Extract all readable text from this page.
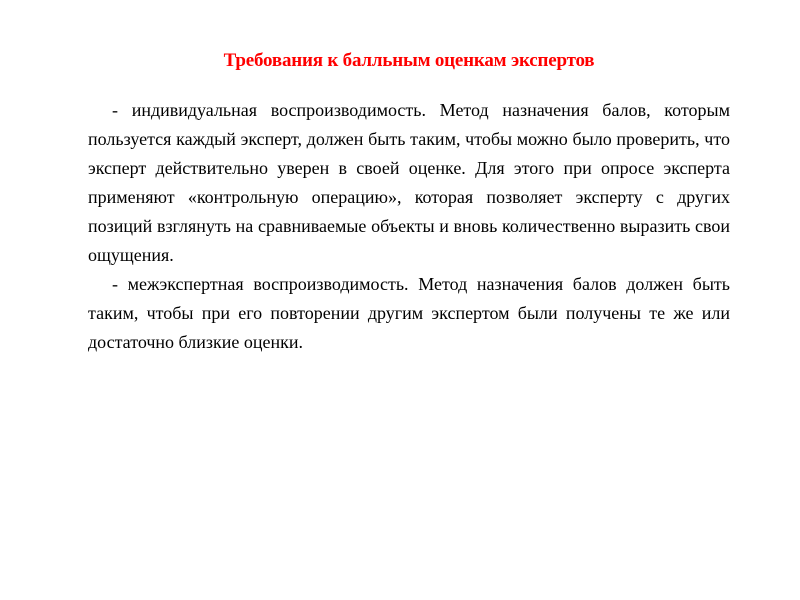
Требования к балльным оценкам экспертов

- индивидуальная воспроизводимость. Метод назначения балов, которым пользуется каждый эксперт, должен быть таким, чтобы можно было проверить, что эксперт действительно уверен в своей оценке. Для этого при опросе эксперта применяют «контрольную операцию», которая позволяет эксперту с других позиций взглянуть на сравниваемые объекты и вновь количественно выразить свои ощущения.

- межэкспертная воспроизводимость. Метод назначения балов должен быть таким, чтобы при его повторении другим экспертом были получены те же или достаточно близкие оценки.
